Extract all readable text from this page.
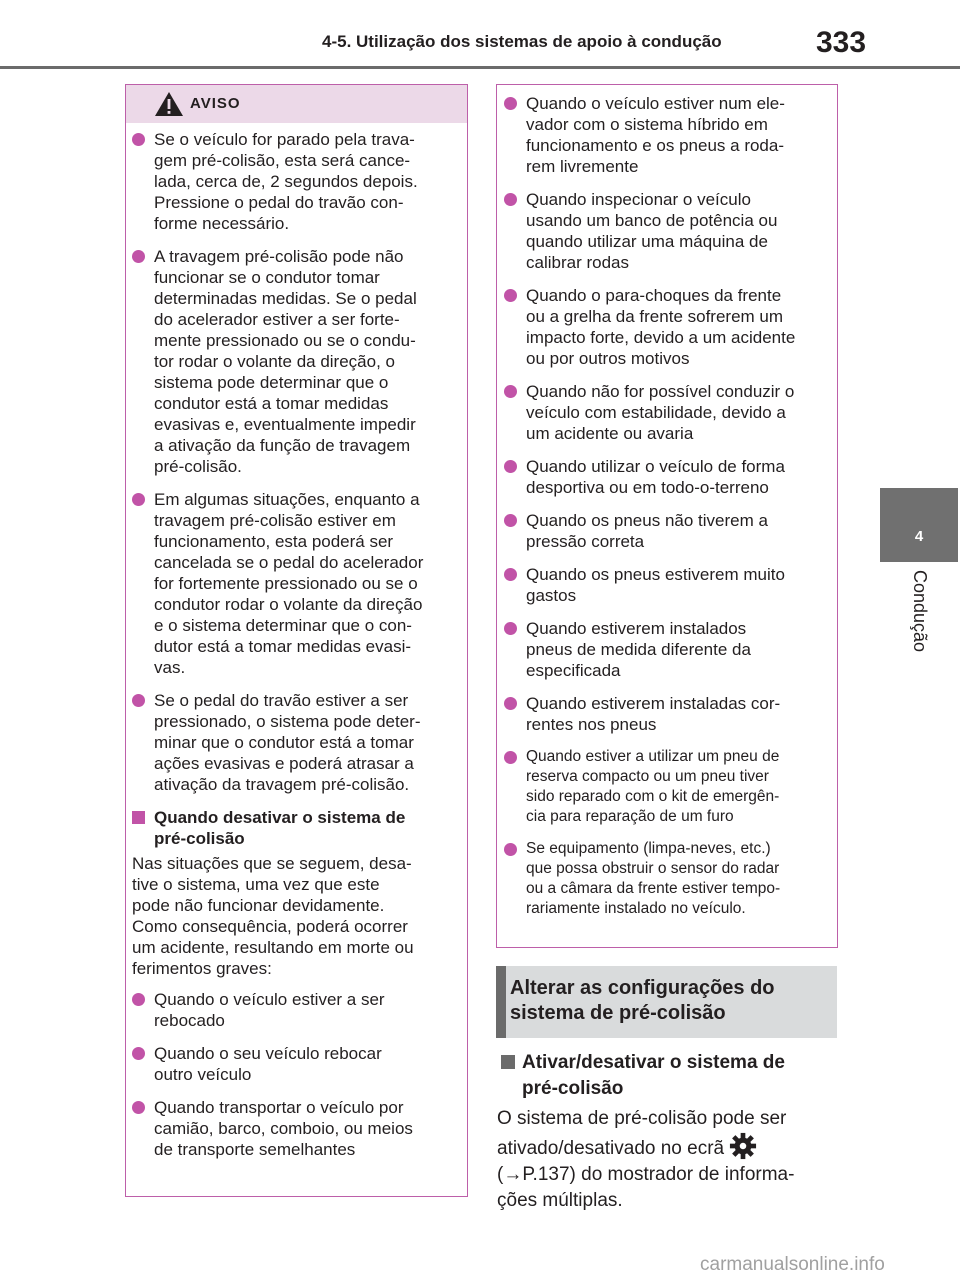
4-5. Utilização dos sistemas de apoio à condução	333
4
Condução
AVISO
Se o veículo for parado pela trava-
gem pré-colisão, esta será cance-
lada, cerca de, 2 segundos depois.
Pressione o pedal do travão con-
forme necessário.
A travagem pré-colisão pode não
funcionar se o condutor tomar
determinadas medidas. Se o pedal
do acelerador estiver a ser forte-
mente pressionado ou se o condu-
tor rodar o volante da direção, o
sistema pode determinar que o
condutor está a tomar medidas
evasivas e, eventualmente impedir
a ativação da função de travagem
pré-colisão.
Em algumas situações, enquanto a
travagem pré-colisão estiver em
funcionamento, esta poderá ser
cancelada se o pedal do acelerador
for fortemente pressionado ou se o
condutor rodar o volante da direção
e o sistema determinar que o con-
dutor está a tomar medidas evasi-
vas.
Se o pedal do travão estiver a ser
pressionado, o sistema pode deter-
minar que o condutor está a tomar
ações evasivas e poderá atrasar a
ativação da travagem pré-colisão.
Quando desativar o sistema de
pré-colisão
Nas situações que se seguem, desa-
tive o sistema, uma vez que este
pode não funcionar devidamente.
Como consequência, poderá ocorrer
um acidente, resultando em morte ou
ferimentos graves:
Quando o veículo estiver a ser
rebocado
Quando o seu veículo rebocar
outro veículo
Quando transportar o veículo por
camião, barco, comboio, ou meios
de transporte semelhantes
Quando o veículo estiver num ele-
vador com o sistema híbrido em
funcionamento e os pneus a roda-
rem livremente
Quando inspecionar o veículo
usando um banco de potência ou
quando utilizar uma máquina de
calibrar rodas
Quando o para-choques da frente
ou a grelha da frente sofrerem um
impacto forte, devido a um acidente
ou por outros motivos
Quando não for possível conduzir o
veículo com estabilidade, devido a
um acidente ou avaria
Quando utilizar o veículo de forma
desportiva ou em todo-o-terreno
Quando os pneus não tiverem a
pressão correta
Quando os pneus estiverem muito
gastos
Quando estiverem instalados
pneus de medida diferente da
especificada
Quando estiverem instaladas cor-
rentes nos pneus
Quando estiver a utilizar um pneu de
reserva compacto ou um pneu tiver
sido reparado com o kit de emergên-
cia para reparação de um furo
Se equipamento (limpa-neves, etc.)
que possa obstruir o sensor do radar
ou a câmara da frente estiver tempo-
rariamente instalado no veículo.
Alterar as configurações do
sistema de pré-colisão
Ativar/desativar o sistema de
pré-colisão
O sistema de pré-colisão pode ser
ativado/desativado no ecrã
(→P.137) do mostrador de informa-
ções múltiplas.
carmanualsonline.info
